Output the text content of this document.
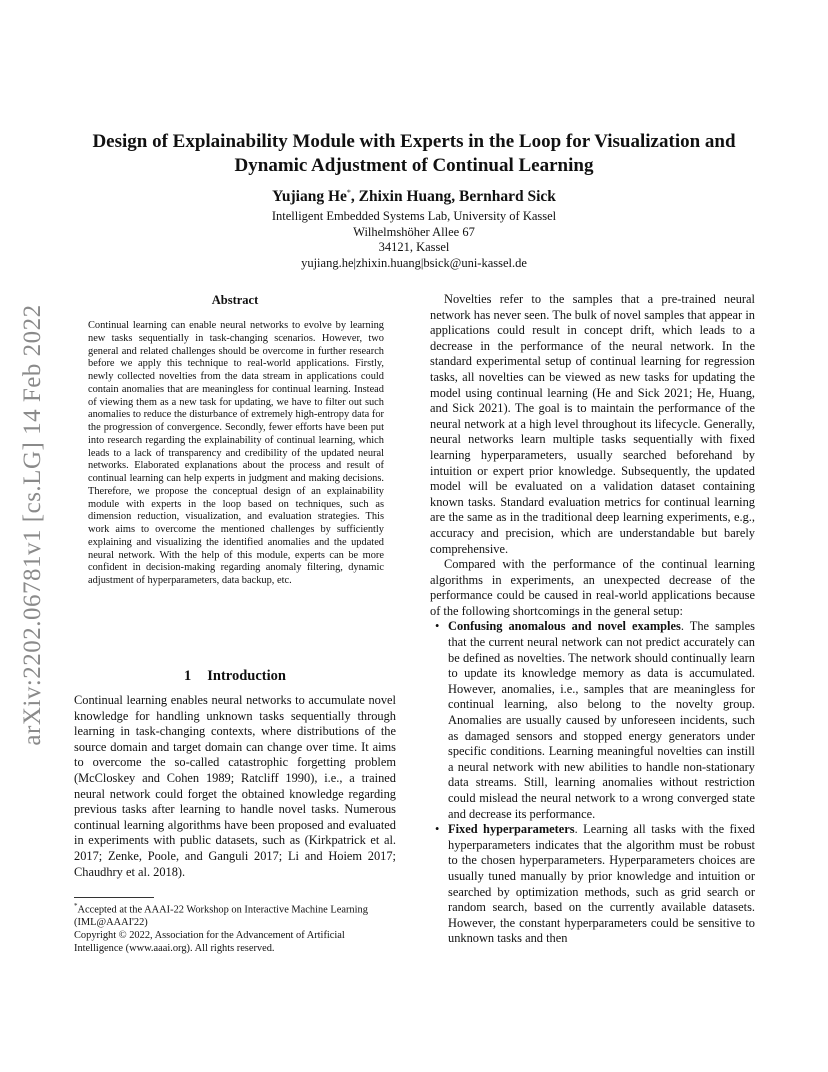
arXiv:2202.06781v1 [cs.LG] 14 Feb 2022
Design of Explainability Module with Experts in the Loop for Visualization and Dynamic Adjustment of Continual Learning
Yujiang He*, Zhixin Huang, Bernhard Sick
Intelligent Embedded Systems Lab, University of Kassel
Wilhelmshöher Allee 67
34121, Kassel
yujiang.he|zhixin.huang|bsick@uni-kassel.de
Abstract
Continual learning can enable neural networks to evolve by learning new tasks sequentially in task-changing scenarios. However, two general and related challenges should be overcome in further research before we apply this technique to real-world applications. Firstly, newly collected novelties from the data stream in applications could contain anomalies that are meaningless for continual learning. Instead of viewing them as a new task for updating, we have to filter out such anomalies to reduce the disturbance of extremely high-entropy data for the progression of convergence. Secondly, fewer efforts have been put into research regarding the explainability of continual learning, which leads to a lack of transparency and credibility of the updated neural networks. Elaborated explanations about the process and result of continual learning can help experts in judgment and making decisions. Therefore, we propose the conceptual design of an explainability module with experts in the loop based on techniques, such as dimension reduction, visualization, and evaluation strategies. This work aims to overcome the mentioned challenges by sufficiently explaining and visualizing the identified anomalies and the updated neural network. With the help of this module, experts can be more confident in decision-making regarding anomaly filtering, dynamic adjustment of hyperparameters, data backup, etc.
1 Introduction

Continual learning enables neural networks to accumulate novel knowledge for handling unknown tasks sequentially through learning in task-changing contexts, where distributions of the source domain and target domain can change over time. It aims to overcome the so-called catastrophic forgetting problem (McCloskey and Cohen 1989; Ratcliff 1990), i.e., a trained neural network could forget the obtained knowledge regarding previous tasks after learning to handle novel tasks. Numerous continual learning algorithms have been proposed and evaluated in experiments with public datasets, such as (Kirkpatrick et al. 2017; Zenke, Poole, and Ganguli 2017; Li and Hoiem 2017; Chaudhry et al. 2018).

*Accepted at the AAAI-22 Workshop on Interactive Machine Learning (IML@AAAI'22)
Copyright © 2022, Association for the Advancement of Artificial Intelligence (www.aaai.org). All rights reserved.

Novelties refer to the samples that a pre-trained neural network has never seen. The bulk of novel samples that appear in applications could result in concept drift, which leads to a decrease in the performance of the neural network. In the standard experimental setup of continual learning for regression tasks, all novelties can be viewed as new tasks for updating the model using continual learning (He and Sick 2021; He, Huang, and Sick 2021). The goal is to maintain the performance of the neural network at a high level throughout its lifecycle. Generally, neural networks learn multiple tasks sequentially with fixed learning hyperparameters, usually searched beforehand by intuition or expert prior knowledge. Subsequently, the updated model will be evaluated on a validation dataset containing known tasks. Standard evaluation metrics for continual learning are the same as in the traditional deep learning experiments, e.g., accuracy and precision, which are understandable but barely comprehensive.

Compared with the performance of the continual learning algorithms in experiments, an unexpected decrease of the performance could be caused in real-world applications because of the following shortcomings in the general setup:

• Confusing anomalous and novel examples. The samples that the current neural network can not predict accurately can be defined as novelties. The network should continually learn to update its knowledge memory as data is accumulated. However, anomalies, i.e., samples that are meaningless for continual learning, also belong to the novelty group. Anomalies are usually caused by unforeseen incidents, such as damaged sensors and stopped energy generators under specific conditions. Learning meaningful novelties can instill a neural network with new abilities to handle non-stationary data streams. Still, learning anomalies without restriction could mislead the neural network to a wrong converged state and decrease its performance.
• Fixed hyperparameters. Learning all tasks with the fixed hyperparameters indicates that the algorithm must be robust to the chosen hyperparameters. Hyperparameters choices are usually tuned manually by prior knowledge and intuition or searched by optimization methods, such as grid search or random search, based on the currently available datasets. However, the constant hyperparameters could be sensitive to unknown tasks and then
